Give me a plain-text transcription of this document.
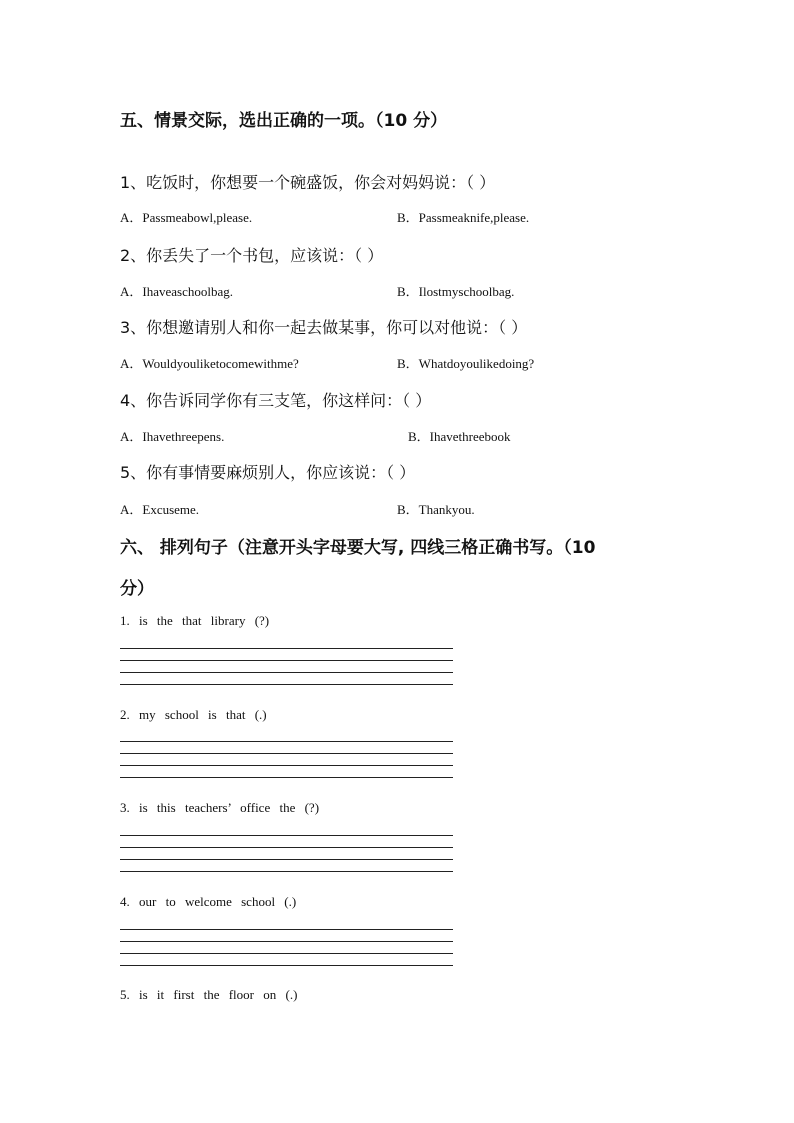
五、情景交际，选出正确的一项。（10 分）
1、吃饭时，你想要一个碗盛饭，你会对妈妈说：（ ）
A．Passmeabowl,please.	B．Passmeaknife,please.
2、你丢失了一个书包，应该说：（ ）
A．Ihaveaschoolbag.	B．Ilostmyschoolbag.
3、你想邀请别人和你一起去做某事，你可以对他说：（ ）
A．Wouldyouliketocomewithme?	B．Whatdoyoulikedoing?
4、你告诉同学你有三支笔，你这样问：（ ）
A．Ihavethreepens.	B．Ihavethreebook
5、你有事情要麻烦别人，你应该说：（ ）
A．Excuseme.	B．Thankyou.
六、 排列句子（注意开头字母要大写, 四线三格正确书写。（10
分）
1. is the that library (?)
2. my school is that (.)
3. is this teachers’ office the (?)
4. our to welcome school (.)
5. is it first the floor on (.)
